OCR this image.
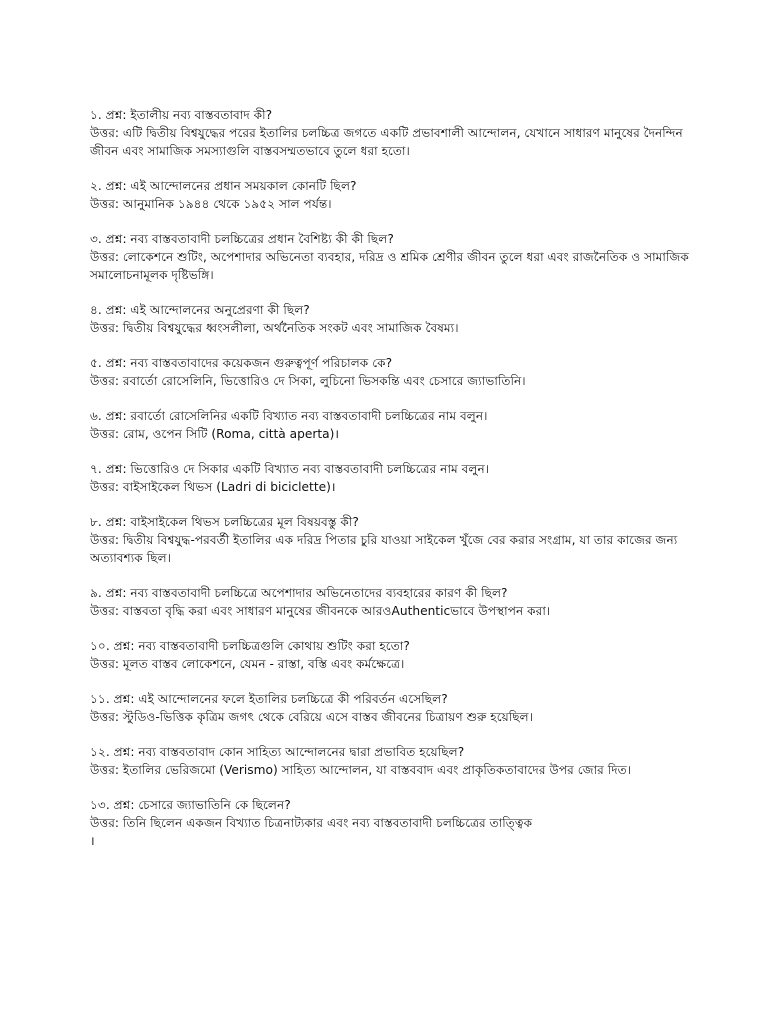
১. প্রশ্ন: ইতালীয় নব্য বাস্তবতাবাদ কী?
উত্তর: এটি দ্বিতীয় বিশ্বযুদ্ধের পরের ইতালির চলচ্চিত্র জগতে একটি প্রভাবশালী আন্দোলন, যেখানে সাধারণ মানুষের দৈনন্দিন জীবন এবং সামাজিক সমস্যাগুলি বাস্তবসম্মতভাবে তুলে ধরা হতো।
২. প্রশ্ন: এই আন্দোলনের প্রধান সময়কাল কোনটি ছিল?
উত্তর: আনুমানিক ১৯৪৪ থেকে ১৯৫২ সাল পর্যন্ত।
৩. প্রশ্ন: নব্য বাস্তবতাবাদী চলচ্চিত্রের প্রধান বৈশিষ্ট্য কী কী ছিল?
উত্তর: লোকেশনে শুটিং, অপেশাদার অভিনেতা ব্যবহার, দরিদ্র ও শ্রমিক শ্রেণীর জীবন তুলে ধরা এবং রাজনৈতিক ও সামাজিক সমালোচনামূলক দৃষ্টিভঙ্গি।
৪. প্রশ্ন: এই আন্দোলনের অনুপ্রেরণা কী ছিল?
উত্তর: দ্বিতীয় বিশ্বযুদ্ধের ধ্বংসলীলা, অর্থনৈতিক সংকট এবং সামাজিক বৈষম্য।
৫. প্রশ্ন: নব্য বাস্তবতাবাদের কয়েকজন গুরুত্বপূর্ণ পরিচালক কে?
উত্তর: রবার্তো রোসেলিনি, ভিত্তোরিও দে সিকা, লুচিনো ভিসকন্তি এবং চেসারে জ্যাভাতিনি।
৬. প্রশ্ন: রবার্তো রোসেলিনির একটি বিখ্যাত নব্য বাস্তবতাবাদী চলচ্চিত্রের নাম বলুন।
উত্তর: রোম, ওপেন সিটি (Roma, città aperta)।
৭. প্রশ্ন: ভিত্তোরিও দে সিকার একটি বিখ্যাত নব্য বাস্তবতাবাদী চলচ্চিত্রের নাম বলুন।
উত্তর: বাইসাইকেল থিভস (Ladri di biciclette)।
৮. প্রশ্ন: বাইসাইকেল থিভস চলচ্চিত্রের মূল বিষয়বস্তু কী?
উত্তর: দ্বিতীয় বিশ্বযুদ্ধ-পরবর্তী ইতালির এক দরিদ্র পিতার চুরি যাওয়া সাইকেল খুঁজে বের করার সংগ্রাম, যা তার কাজের জন্য অত্যাবশ্যক ছিল।
৯. প্রশ্ন: নব্য বাস্তবতাবাদী চলচ্চিত্রে অপেশাদার অভিনেতাদের ব্যবহারের কারণ কী ছিল?
উত্তর: বাস্তবতা বৃদ্ধি করা এবং সাধারণ মানুষের জীবনকে আরওAuthenticভাবে উপস্থাপন করা।
১০. প্রশ্ন: নব্য বাস্তবতাবাদী চলচ্চিত্রগুলি কোথায় শুটিং করা হতো?
উত্তর: মূলত বাস্তব লোকেশনে, যেমন - রাস্তা, বস্তি এবং কর্মক্ষেত্রে।
১১. প্রশ্ন: এই আন্দোলনের ফলে ইতালির চলচ্চিত্রে কী পরিবর্তন এসেছিল?
উত্তর: স্টুডিও-ভিত্তিক কৃত্রিম জগৎ থেকে বেরিয়ে এসে বাস্তব জীবনের চিত্রায়ণ শুরু হয়েছিল।
১২. প্রশ্ন: নব্য বাস্তবতাবাদ কোন সাহিত্য আন্দোলনের দ্বারা প্রভাবিত হয়েছিল?
উত্তর: ইতালির ভেরিজমো (Verismo) সাহিত্য আন্দোলন, যা বাস্তববাদ এবং প্রাকৃতিকতাবাদের উপর জোর দিত।
১৩. প্রশ্ন: চেসারে জ্যাভাতিনি কে ছিলেন?
উত্তর: তিনি ছিলেন একজন বিখ্যাত চিত্রনাট্যকার এবং নব্য বাস্তবতাবাদী চলচ্চিত্রের তাত্ত্বিক
।
